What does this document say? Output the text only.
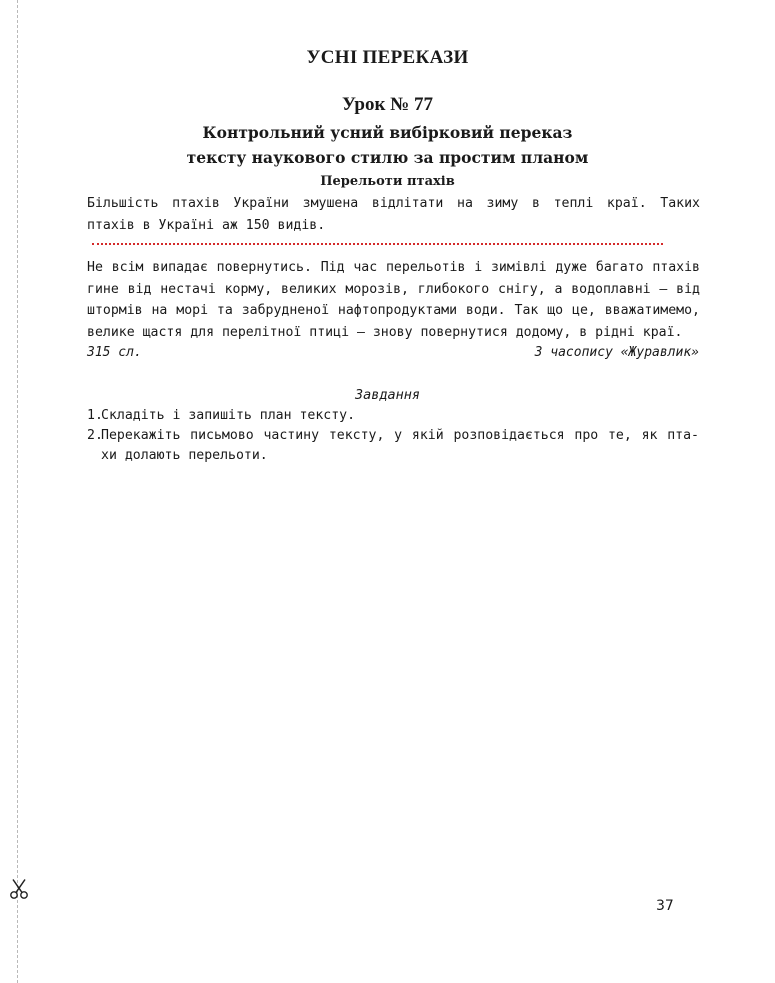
УСНІ ПЕРЕКАЗИ
Урок № 77
Контрольний усний вибірковий переказ
тексту наукового стилю за простим планом
Перельоти птахів
Більшість птахів України змушена відлітати на зиму в теплі краї. Таких
птахів в Україні аж 150 видів.
Не всім випадає повернутись. Під час перельотів і зимівлі дуже багато птахів
гине від нестачі корму, великих морозів, глибокого снігу, а водоплавні — від
штормів на морі та забрудненої нафтопродуктами води. Так що це, вважатимемо,
велике щастя для перелітної птиці — знову повернутися додому, в рідні краї.
315 сл.	З часопису «Журавлик»
Завдання
1.Складіть і запишіть план тексту.
2.Перекажіть письмово частину тексту, у якій розповідається про те, як пта-
хи долають перельоти.
37
